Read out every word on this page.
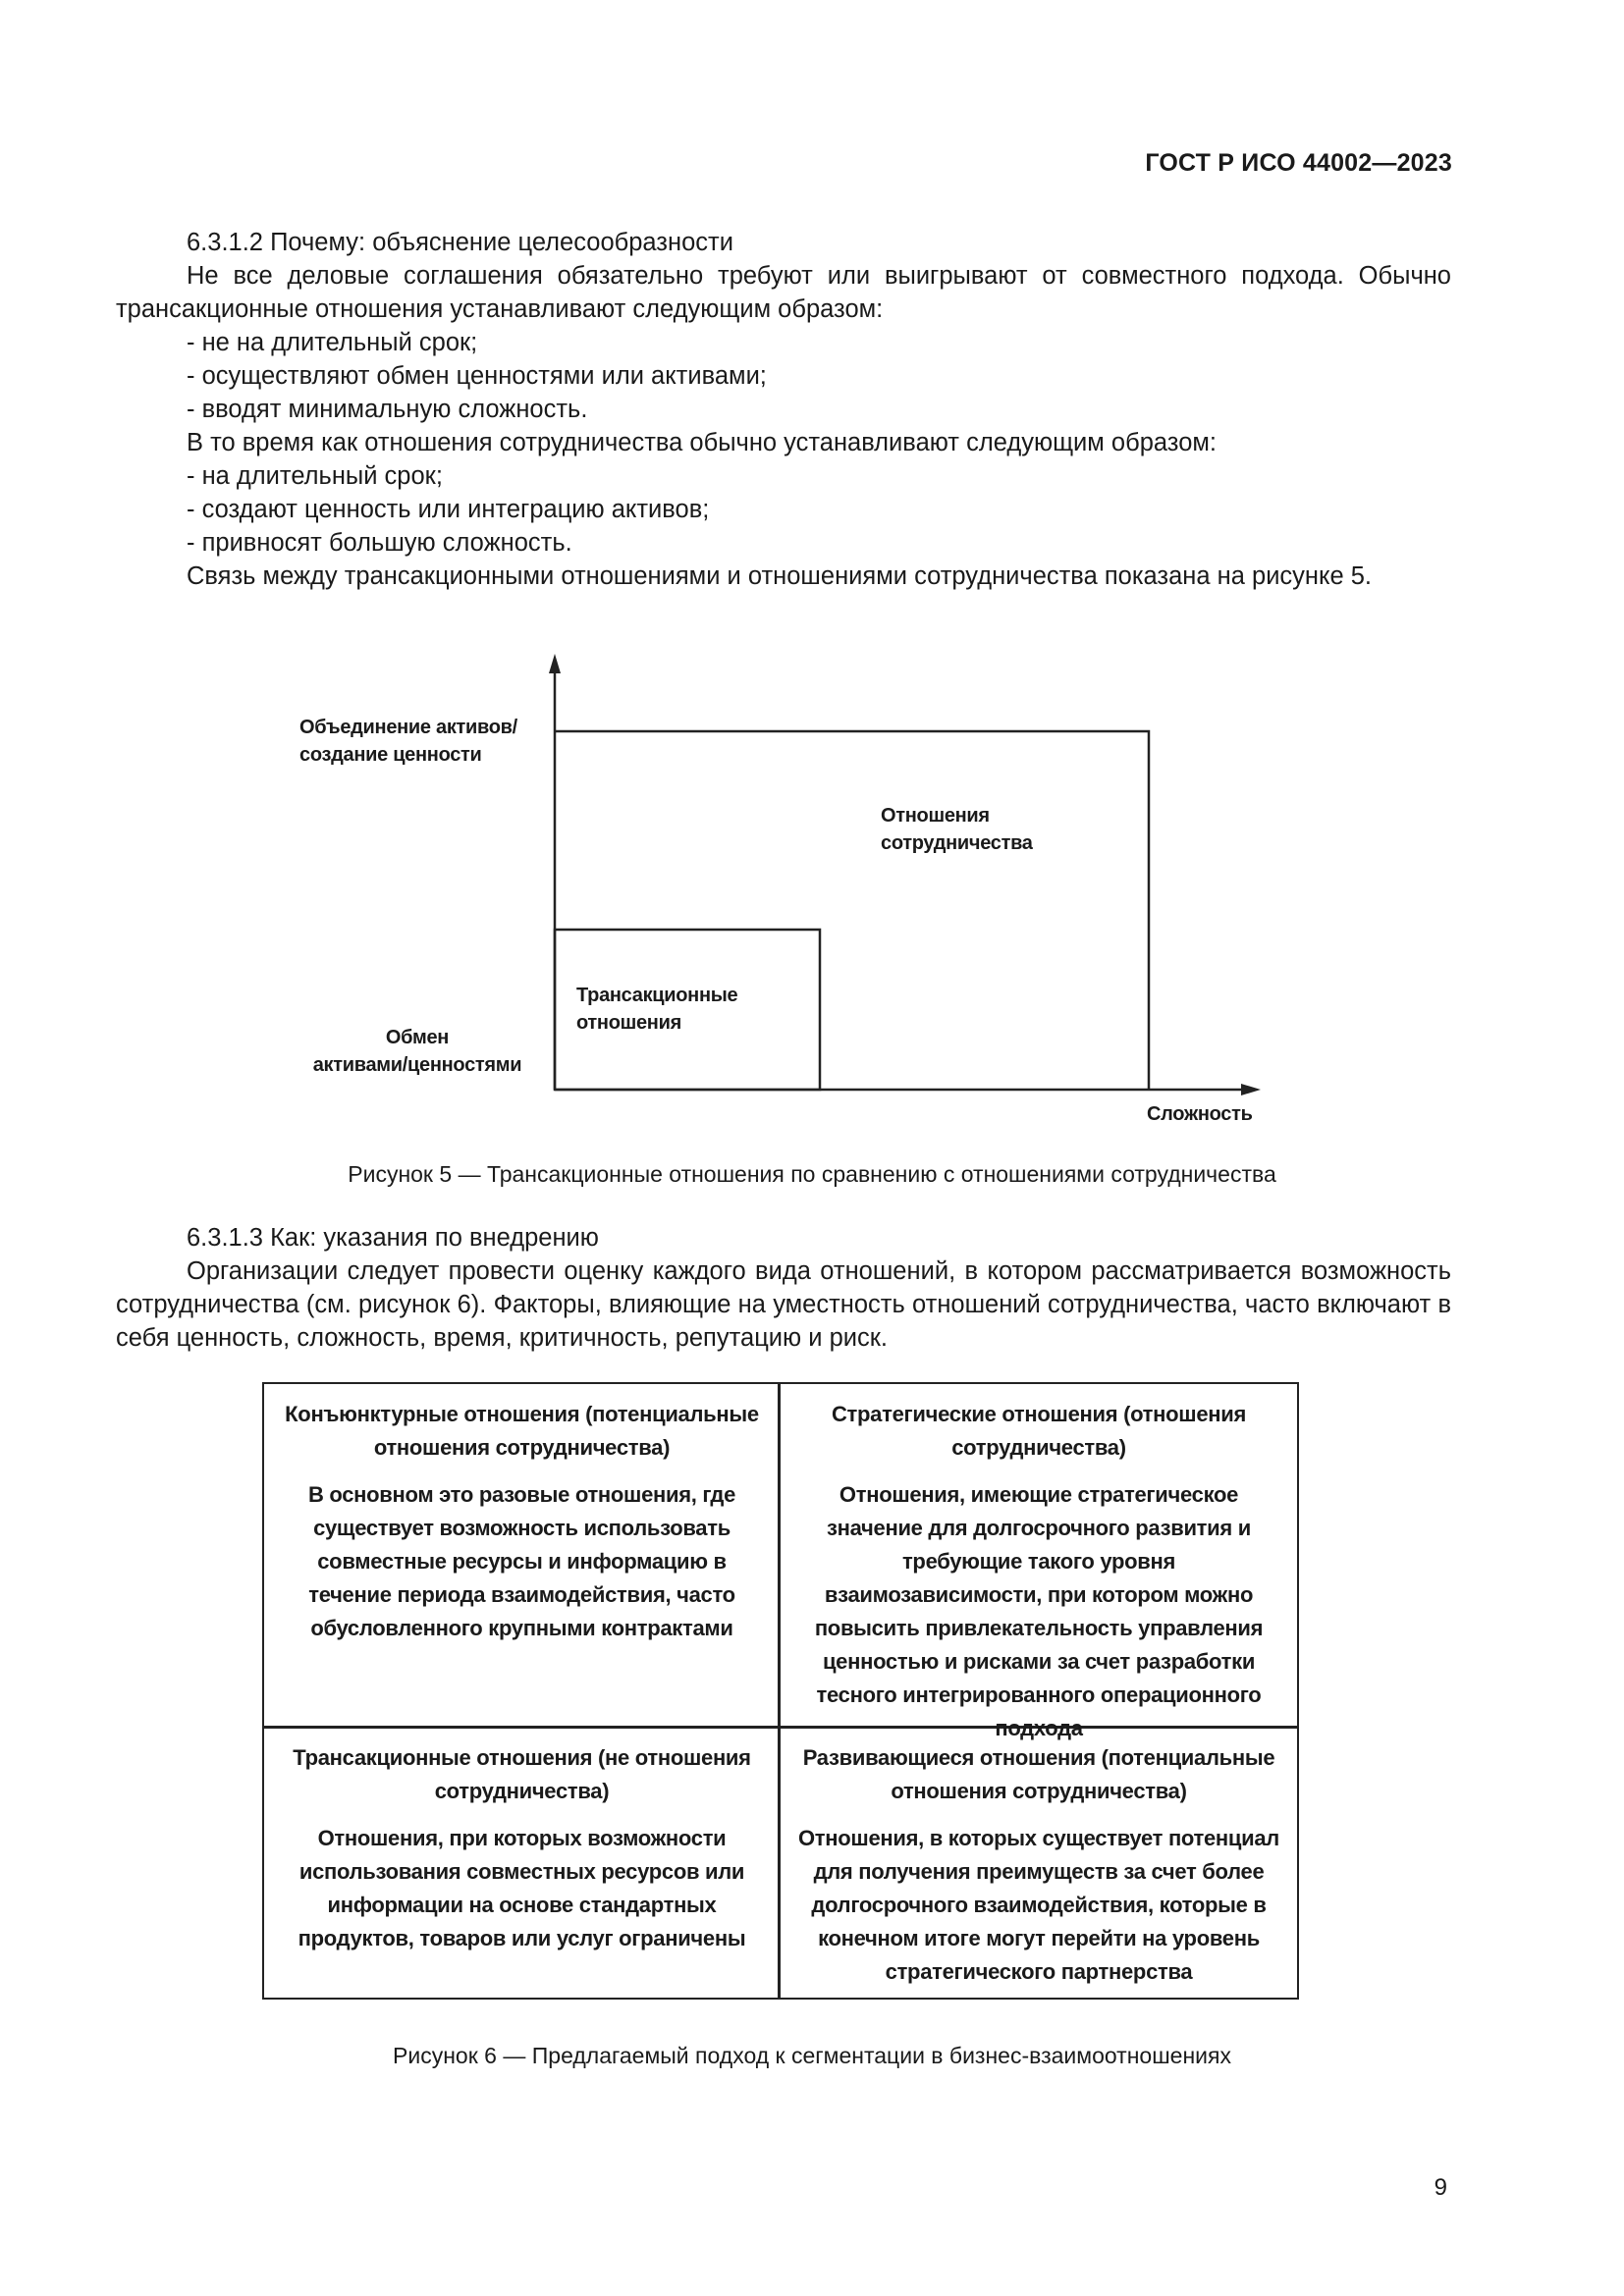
ГОСТ Р ИСО 44002—2023

6.3.1.2 Почему: объяснение целесообразности

Не все деловые соглашения обязательно требуют или выигрывают от совместного подхода. Обычно трансакционные отношения устанавливают следующим образом:

- не на длительный срок;

- осуществляют обмен ценностями или активами;

- вводят минимальную сложность.

В то время как отношения сотрудничества обычно устанавливают следующим образом:

- на длительный срок;

- создают ценность или интеграцию активов;

- привносят большую сложность.

Связь между трансакционными отношениями и отношениями сотрудничества показана на рисунке 5.

Объединение активов/
создание ценности
Обмен
активами/ценностями
Отношения
сотрудничества
Трансакционные
отношения
Сложность
Рисунок 5 — Трансакционные отношения по сравнению с отношениями сотрудничества

6.3.1.3 Как: указания по внедрению

Организации следует провести оценку каждого вида отношений, в котором рассматривается возможность сотрудничества (см. рисунок 6). Факторы, влияющие на уместность отношений сотрудничества, часто включают в себя ценность, сложность, время, критичность, репутацию и риск.

Конъюнктурные отношения (потенциальные отношения сотрудничества)

В основном это разовые отношения, где существует возможность использовать совместные ресурсы и информацию в течение периода взаимодействия, часто обусловленного крупными контрактами

Стратегические отношения (отношения сотрудничества)

Отношения, имеющие стратегическое значение для долгосрочного развития и требующие такого уровня взаимозависимости, при котором можно повысить привлекательность управления ценностью и рисками за счет разработки тесного интегрированного операционного подхода

Трансакционные отношения (не отношения сотрудничества)

Отношения, при которых возможности использования совместных ресурсов или информации на основе стандартных продуктов, товаров или услуг ограничены

Развивающиеся отношения (потенциальные отношения сотрудничества)

Отношения, в которых существует потенциал для получения преимуществ за счет более долгосрочного взаимодействия, которые в конечном итоге могут перейти на уровень стратегического партнерства

Рисунок 6 — Предлагаемый подход к сегментации в бизнес-взаимоотношениях
9
